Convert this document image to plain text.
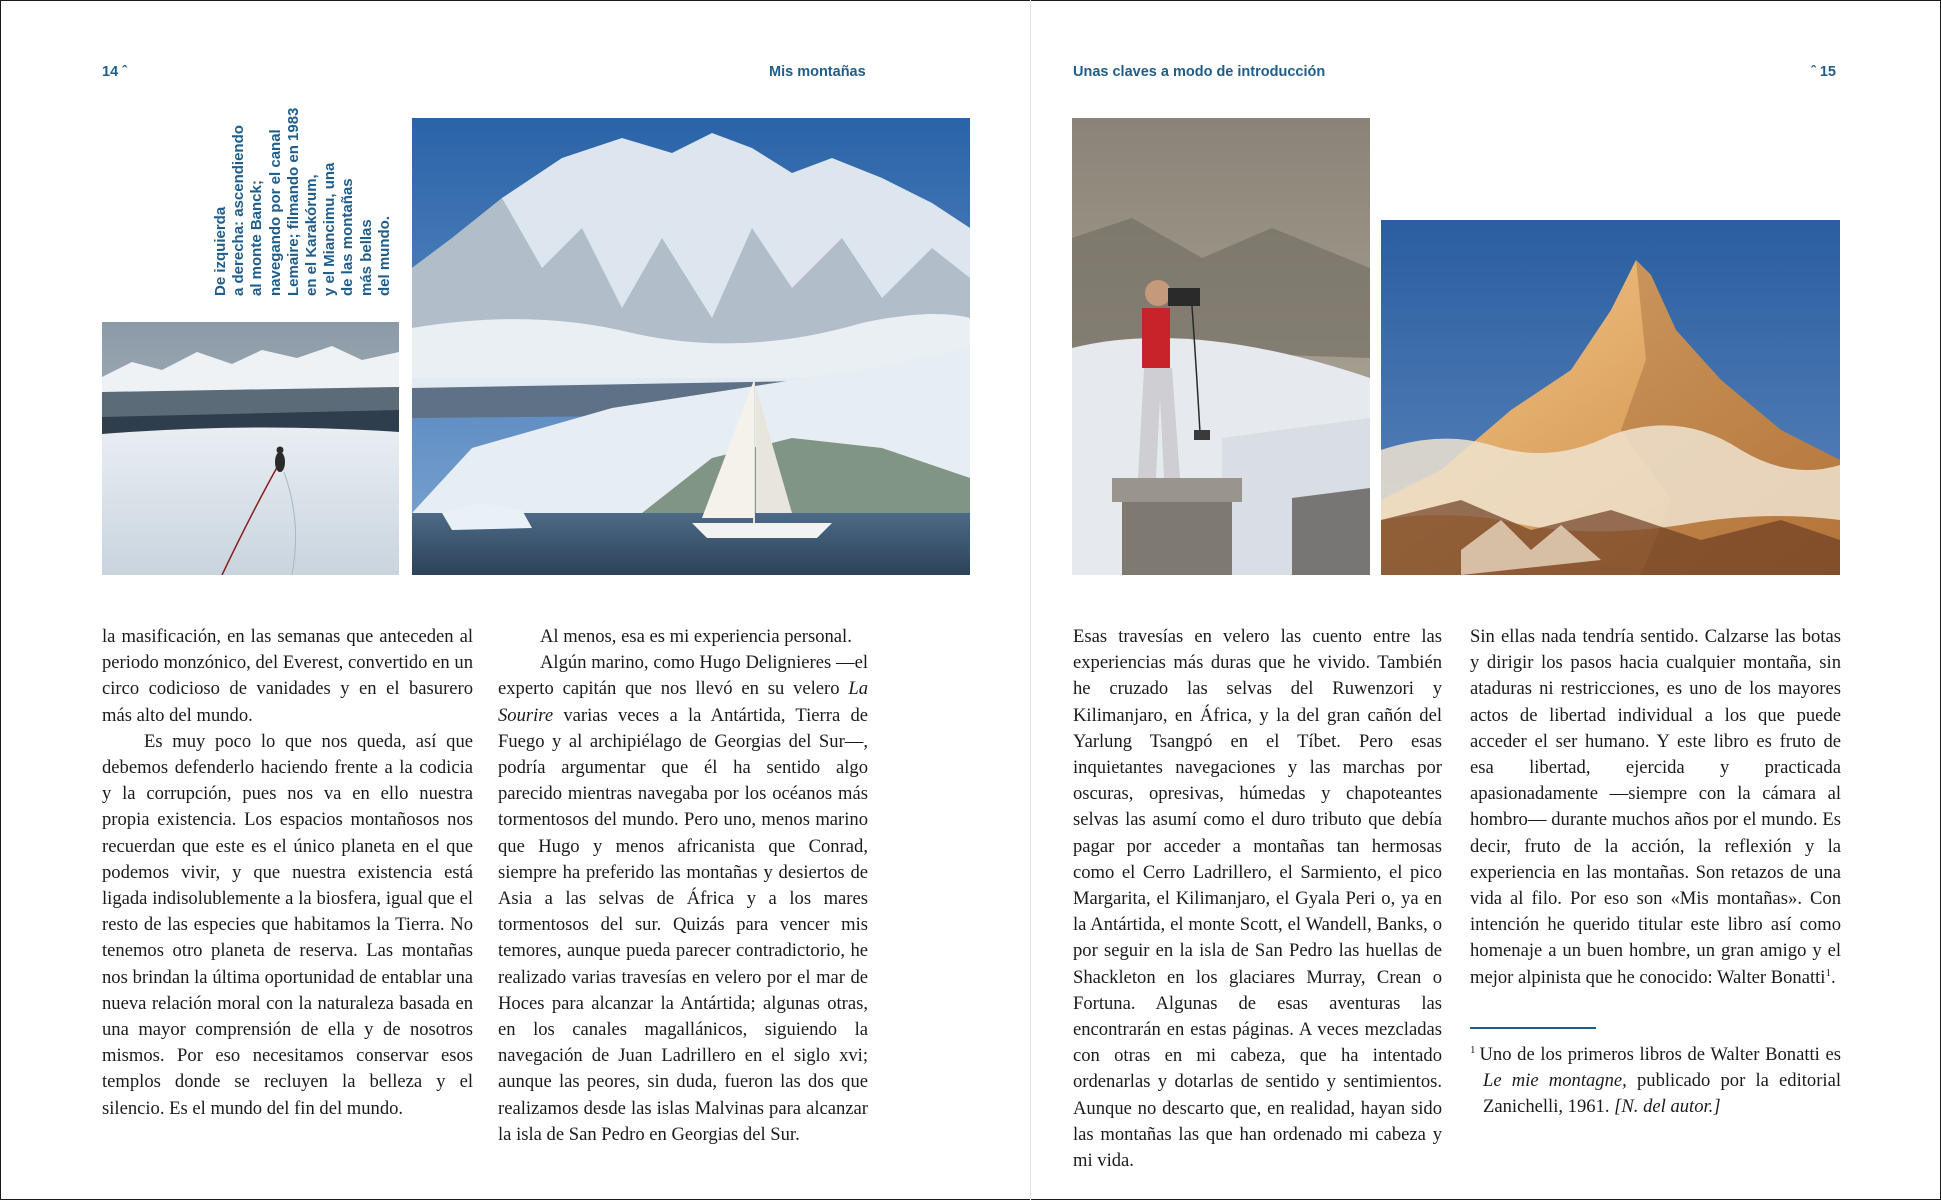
14 ˆ	Mis montañas	Unas claves a modo de introducción	ˆ 15
De izquierda a derecha: ascendiendo al monte Banck; navegando por el canal Lemaire; filmando en 1983 en el Karakórum, y el Miancimu, una de las montañas más bellas del mundo.

la masificación, en las semanas que anteceden al periodo monzónico, del Everest, convertido en un circo codicioso de vanidades y en el basurero más alto del mundo.

Es muy poco lo que nos queda, así que debemos defenderlo haciendo frente a la codicia y la corrupción, pues nos va en ello nuestra propia existencia. Los espacios montañosos nos recuerdan que este es el único planeta en el que podemos vivir, y que nuestra existencia está ligada indisolublemente a la biosfera, igual que el resto de las especies que habitamos la Tierra. No tenemos otro planeta de reserva. Las montañas nos brindan la última oportunidad de entablar una nueva relación moral con la naturaleza basada en una mayor comprensión de ella y de nosotros mismos. Por eso necesitamos conservar esos templos donde se recluyen la belleza y el silencio. Es el mundo del fin del mundo.

Al menos, esa es mi experiencia personal.

Algún marino, como Hugo Delignieres —el experto capitán que nos llevó en su velero La Sourire varias veces a la Antártida, Tierra de Fuego y al archipiélago de Georgias del Sur—, podría argumentar que él ha sentido algo parecido mientras navegaba por los océanos más tormentosos del mundo. Pero uno, menos marino que Hugo y menos africanista que Conrad, siempre ha preferido las montañas y desiertos de Asia a las selvas de África y a los mares tormentosos del sur. Quizás para vencer mis temores, aunque pueda parecer contradictorio, he realizado varias travesías en velero por el mar de Hoces para alcanzar la Antártida; algunas otras, en los canales magallánicos, siguiendo la navegación de Juan Ladrillero en el siglo xvi; aunque las peores, sin duda, fueron las dos que realizamos desde las islas Malvinas para alcanzar la isla de San Pedro en Georgias del Sur.

Esas travesías en velero las cuento entre las experiencias más duras que he vivido. También he cruzado las selvas del Ruwenzori y Kilimanjaro, en África, y la del gran cañón del Yarlung Tsangpó en el Tíbet. Pero esas inquietantes navegaciones y las marchas por oscuras, opresivas, húmedas y chapoteantes selvas las asumí como el duro tributo que debía pagar por acceder a montañas tan hermosas como el Cerro Ladrillero, el Sarmiento, el pico Margarita, el Kilimanjaro, el Gyala Peri o, ya en la Antártida, el monte Scott, el Wandell, Banks, o por seguir en la isla de San Pedro las huellas de Shackleton en los glaciares Murray, Crean o Fortuna. Algunas de esas aventuras las encontrarán en estas páginas. A veces mezcladas con otras en mi cabeza, que ha intentado ordenarlas y dotarlas de sentido y sentimientos. Aunque no descarto que, en realidad, hayan sido las montañas las que han ordenado mi cabeza y mi vida.

Sin ellas nada tendría sentido. Calzarse las botas y dirigir los pasos hacia cualquier montaña, sin ataduras ni restricciones, es uno de los mayores actos de libertad individual a los que puede acceder el ser humano. Y este libro es fruto de esa libertad, ejercida y practicada apasionadamente —siempre con la cámara al hombro— durante muchos años por el mundo. Es decir, fruto de la acción, la reflexión y la experiencia en las montañas. Son retazos de una vida al filo. Por eso son «Mis montañas». Con intención he querido titular este libro así como homenaje a un buen hombre, un gran amigo y el mejor alpinista que he conocido: Walter Bonatti$^1$.

$^1$ Uno de los primeros libros de Walter Bonatti es Le mie montagne, publicado por la editorial Zanichelli, 1961. [N. del autor.]
